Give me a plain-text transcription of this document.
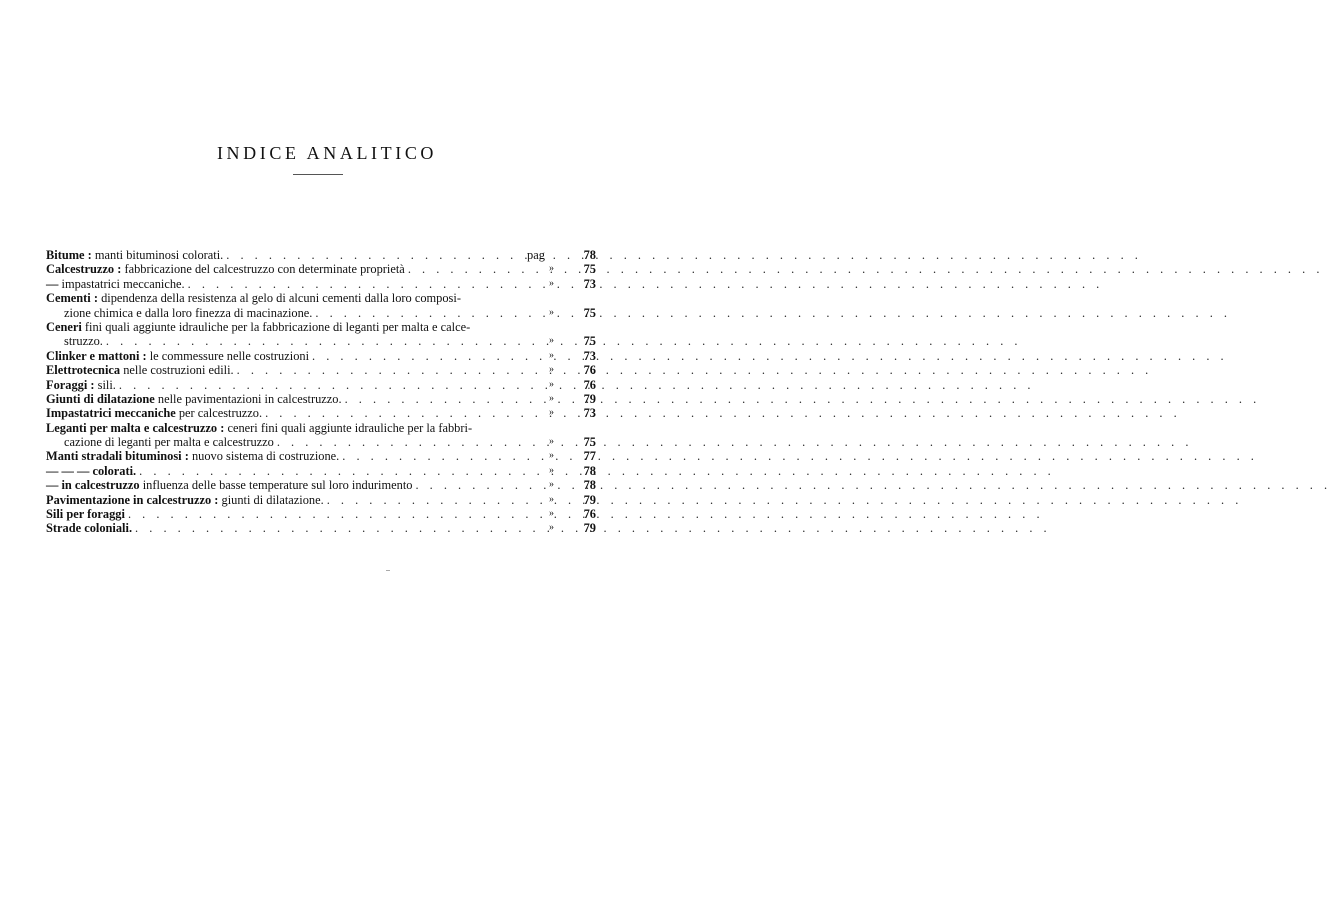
INDICE ANALITICO
Bitume : manti bituminosi colorati. . . .	pag	78
Calcestruzzo : fabbricazione del calcestruzzo con determinate proprietà . . .	» 75
— impastatrici meccaniche. . . .	» 73
Cementi : dipendenza della resistenza al gelo di alcuni cementi dalla loro composi-
zione chimica e dalla loro finezza di macinazione. . . .	» 75
Ceneri fini quali aggiunte idrauliche per la fabbricazione di leganti per malta e calce-
struzzo. . . .	» 75
Clinker e mattoni : le commessure nelle costruzioni . . .	» 73
Elettrotecnica nelle costruzioni edili. . . .	» 76
Foraggi : sili. . . .	» 76
Giunti di dilatazione nelle pavimentazioni in calcestruzzo. . . .	» 79
Impastatrici meccaniche per calcestruzzo. . . .	» 73
Leganti per malta e calcestruzzo : ceneri fini quali aggiunte idrauliche per la fabbri-
cazione di leganti per malta e calcestruzzo . . .	» 75
Manti stradali bituminosi : nuovo sistema di costruzione. . . .	» 77
— — — colorati. . . .	» 78
— in calcestruzzo influenza delle basse temperature sul loro indurimento . . .	» 78
Pavimentazione in calcestruzzo : giunti di dilatazione. . . .	» 79
Sili per foraggi . . .	» 76
Strade coloniali. . . .	» 79
